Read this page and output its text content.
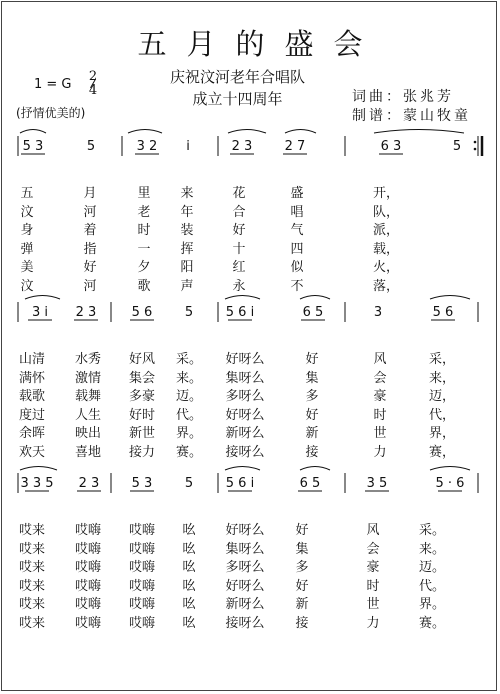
五月的盛会
1 = G
2
4
(抒情优美的)
庆祝汶河老年合唱队
成立十四周年	词曲：张兆芳
制谱：蒙山牧童
5 3	5	3 2 i	2 3 2 7	6 3	5
3 i 2 3	5 6	5	5 6 i	6 5	3	5 6
3 3 5 2 3 5 3	5	5 6 i	6 5	3 5	5 · 6
五	月	里 来	花	盛	开，
汶	河	老 年	合	唱	队，
身	着	时 装	好	气	派，
弹	指	一 挥	十	四	载，
美	好	夕 阳	红	似	火，
汶	河	歌 声	永	不	落，
山清 水秀 好风 采。 好呀么	好	风	采，
满怀 激情 集会 来。 集呀么	集	会	来，
载歌 载舞 多豪 迈。 多呀么	多	豪	迈，
度过 人生 好时 代。 好呀么	好	时	代，
余晖 映出 新世 界。 新呀么	新	世	界，
欢天 喜地 接力 赛。 接呀么	接	力	赛，
哎来 哎嗨 哎嗨 吆 好呀么 好	风	采。
哎来 哎嗨 哎嗨 吆 集呀么 集	会	来。
哎来 哎嗨 哎嗨 吆 多呀么 多	豪	迈。
哎来 哎嗨 哎嗨 吆 好呀么 好	时	代。
哎来 哎嗨 哎嗨 吆 新呀么 新	世	界。
哎来 哎嗨 哎嗨 吆 接呀么 接	力	赛。
